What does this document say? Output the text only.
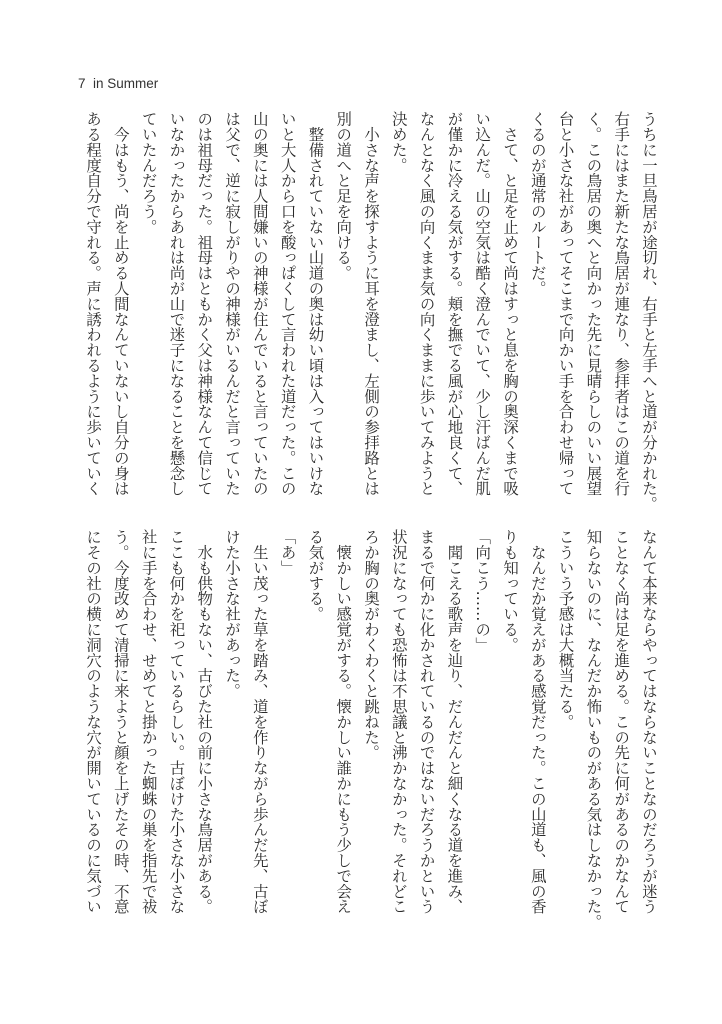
7 in Summer
うちに一旦鳥居が途切れ、右手と左手へと道が分かれた。
右手にはまた新たな鳥居が連なり、参拝者はこの道を行
く。この鳥居の奥へと向かった先に見晴らしのいい展望
台と小さな社があってそこまで向かい手を合わせ帰って
くるのが通常のルートだ。
　さて、と足を止めて尚はすっと息を胸の奥深くまで吸
い込んだ。山の空気は酷く澄んでいて、少し汗ばんだ肌
が僅かに冷える気がする。頬を撫でる風が心地良くて、
なんとなく風の向くまま気の向くままに歩いてみようと
決めた。
　小さな声を探すように耳を澄まし、左側の参拝路とは
別の道へと足を向ける。
　整備されていない山道の奥は幼い頃は入ってはいけな
いと大人から口を酸っぱくして言われた道だった。この
山の奥には人間嫌いの神様が住んでいると言っていたの
は父で、逆に寂しがりやの神様がいるんだと言っていた
のは祖母だった。祖母はともかく父は神様なんて信じて
いなかったからあれは尚が山で迷子になることを懸念し
ていたんだろう。
　今はもう、尚を止める人間なんていないし自分の身は
ある程度自分で守れる。声に誘われるように歩いていく
なんて本来ならやってはならないことなのだろうが迷う
ことなく尚は足を進める。この先に何があるのかなんて
知らないのに、なんだか怖いものがある気はしなかった。
こういう予感は大概当たる。
　なんだか覚えがある感覚だった。この山道も、風の香
りも知っている。
「向こう……の」
　聞こえる歌声を辿り、だんだんと細くなる道を進み、
まるで何かに化かされているのではないだろうかという
状況になっても恐怖は不思議と沸かなかった。それどこ
ろか胸の奥がわくわくと跳ねた。
　懐かしい感覚がする。懐かしい誰かにもう少しで会え
る気がする。
「あ」
　生い茂った草を踏み、道を作りながら歩んだ先、古ぼ
けた小さな社があった。
　水も供物もない、古びた社の前に小さな鳥居がある。
ここも何かを祀っているらしい。古ぼけた小さな小さな
社に手を合わせ、せめてと掛かった蜘蛛の巣を指先で祓
う。今度改めて清掃に来ようと顔を上げたその時、不意
にその社の横に洞穴のような穴が開いているのに気づい
